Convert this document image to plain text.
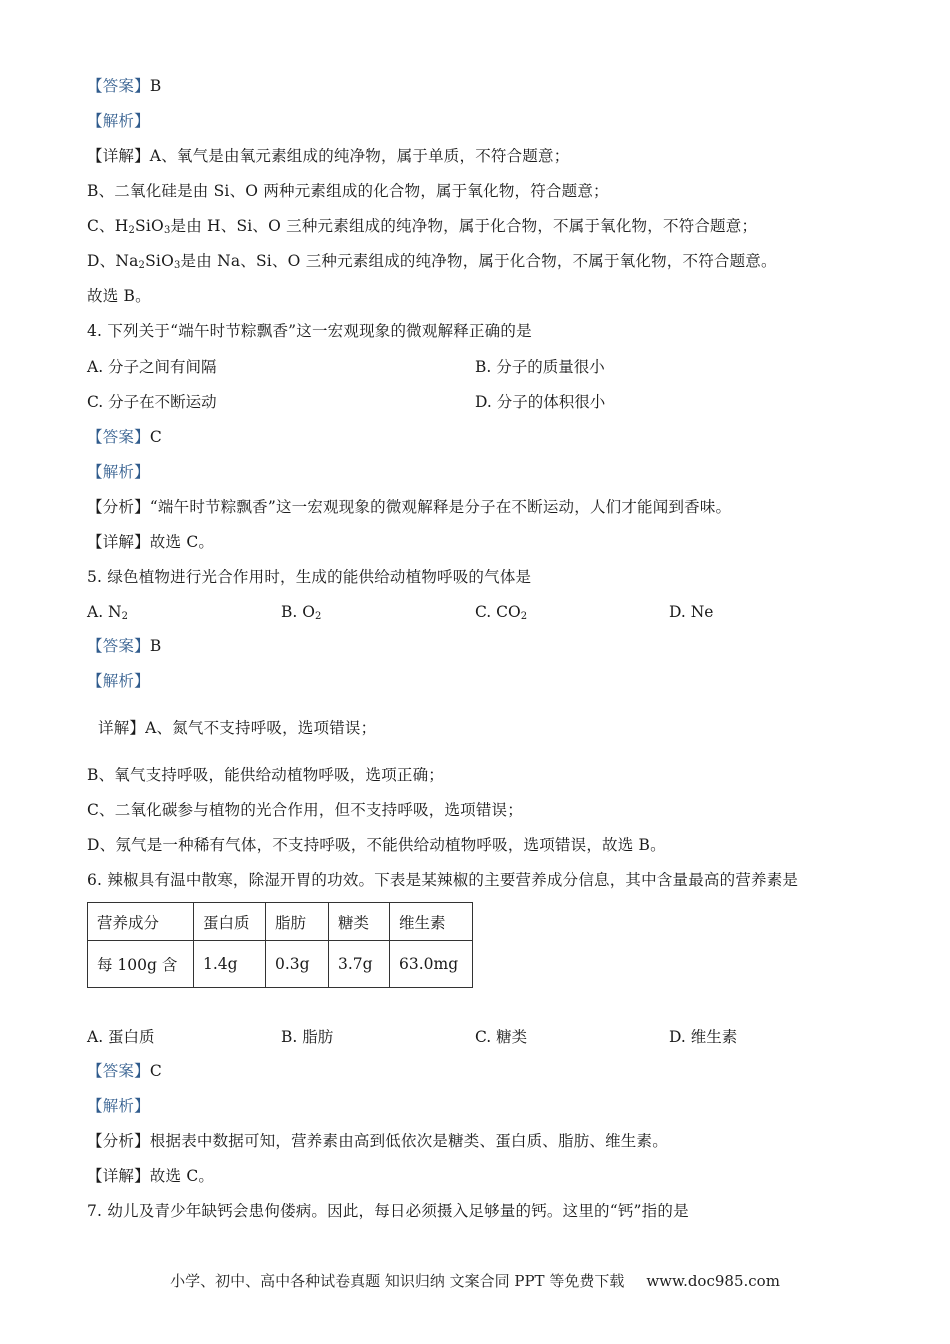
【答案】B
【解析】
【详解】A、氧气是由氧元素组成的纯净物，属于单质，不符合题意；
B、二氧化硅是由 Si、O 两种元素组成的化合物，属于氧化物，符合题意；
C、$H_2SiO_3$是由 H、Si、O 三种元素组成的纯净物，属于化合物，不属于氧化物，不符合题意；
D、$Na_2SiO_3$是由 Na、Si、O 三种元素组成的纯净物，属于化合物，不属于氧化物，不符合题意。
故选 B。
4. 下列关于“端午时节粽飘香”这一宏观现象的微观解释正确的是
A. 分子之间有间隔	B. 分子的质量很小
C. 分子在不断运动	D. 分子的体积很小
【答案】C
【解析】
【分析】“端午时节粽飘香”这一宏观现象的微观解释是分子在不断运动，人们才能闻到香味。
【详解】故选 C。
5. 绿色植物进行光合作用时，生成的能供给动植物呼吸的气体是
A. $N_2$	B. $O_2$	C. $CO_2$	D. Ne
【答案】B
【解析】
详解】A、氮气不支持呼吸，选项错误；
B、氧气支持呼吸，能供给动植物呼吸，选项正确；
C、二氧化碳参与植物的光合作用，但不支持呼吸，选项错误；
D、氖气是一种稀有气体，不支持呼吸，不能供给动植物呼吸，选项错误，故选 B。
6. 辣椒具有温中散寒，除湿开胃的功效。下表是某辣椒的主要营养成分信息，其中含量最高的营养素是
营养成分	蛋白质	脂肪	糖类	维生素
每 100g 含	1.4g	0.3g	3.7g	63.0mg
A. 蛋白质	B. 脂肪	C. 糖类	D. 维生素
【答案】C
【解析】
【分析】根据表中数据可知，营养素由高到低依次是糖类、蛋白质、脂肪、维生素。
【详解】故选 C。
7. 幼儿及青少年缺钙会患佝偻病。因此，每日必须摄入足够量的钙。这里的“钙”指的是
小学、初中、高中各种试卷真题 知识归纳 文案合同 PPT 等免费下载 www.doc985.com
